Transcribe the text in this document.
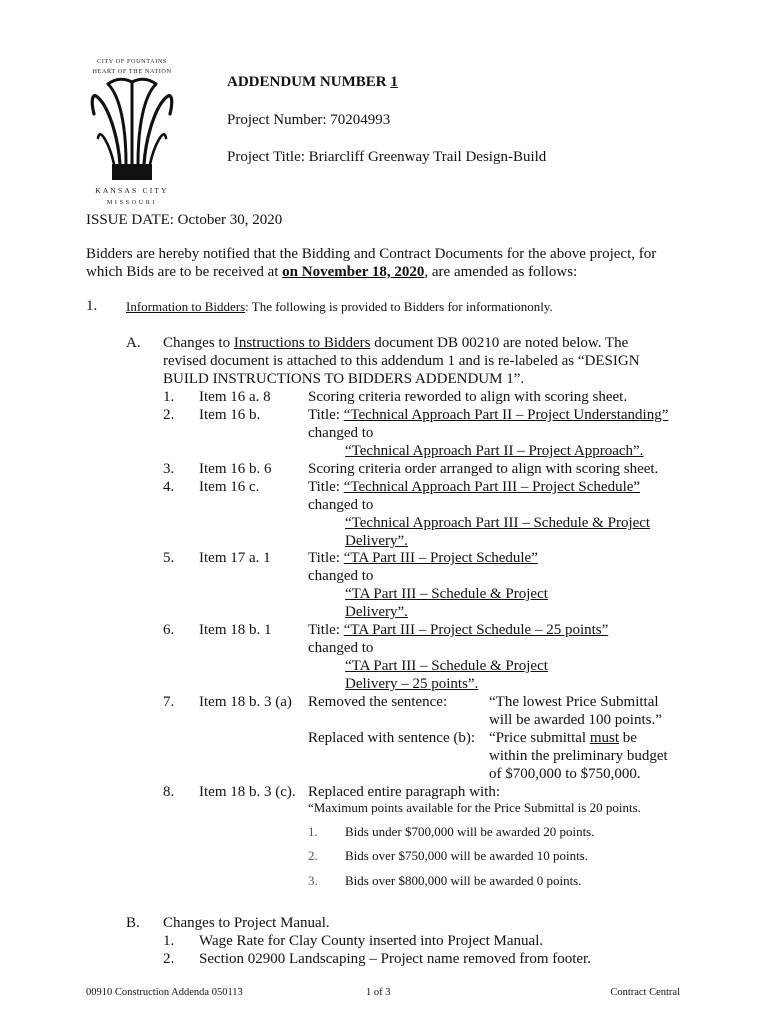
CITY OF FOUNTAINS
HEART OF THE NATION
KANSAS CITY
MISSOURI
ADDENDUM NUMBER 1
Project Number: 70204993
Project Title: Briarcliff Greenway Trail Design-Build
ISSUE DATE: October 30, 2020
Bidders are hereby notified that the Bidding and Contract Documents for the above project, for
which Bids are to be received at on November 18, 2020, are amended as follows:
1. Information to Bidders: The following is provided to Bidders for informationonly.
A. Changes to Instructions to Bidders document DB 00210 are noted below. The
revised document is attached to this addendum 1 and is re-labeled as “DESIGN
BUILD INSTRUCTIONS TO BIDDERS ADDENDUM 1”.
1. Item 16 a. 8 Scoring criteria reworded to align with scoring sheet.
2. Item 16 b.	Title: “Technical Approach Part II – Project Understanding”
changed to
“Technical Approach Part II – Project Approach”.
3. Item 16 b. 6 Scoring criteria order arranged to align with scoring sheet.
4. Item 16 c.	Title: “Technical Approach Part III – Project Schedule”
changed to
“Technical Approach Part III – Schedule & Project
Delivery”.
5. Item 17 a. 1 Title: “TA Part III – Project Schedule”
changed to
“TA Part III – Schedule & Project
Delivery”.
6. Item 18 b. 1 Title: “TA Part III – Project Schedule – 25 points”
changed to
“TA Part III – Schedule & Project
Delivery – 25 points”.
7. Item 18 b. 3 (a) Removed the sentence:	“The lowest Price Submittal
will be awarded 100 points.”
Replaced with sentence (b): “Price submittal must be
within the preliminary budget
of $700,000 to $750,000.
8. Item 18 b. 3 (c). Replaced entire paragraph with:
“Maximum points available for the Price Submittal is 20 points.
1. Bids under $700,000 will be awarded 20 points.
2. Bids over $750,000 will be awarded 10 points.
3. Bids over $800,000 will be awarded 0 points.
B. Changes to Project Manual.
1. Wage Rate for Clay County inserted into Project Manual.
2. Section 02900 Landscaping – Project name removed from footer.
00910 Construction Addenda 050113	1 of 3	Contract Central
